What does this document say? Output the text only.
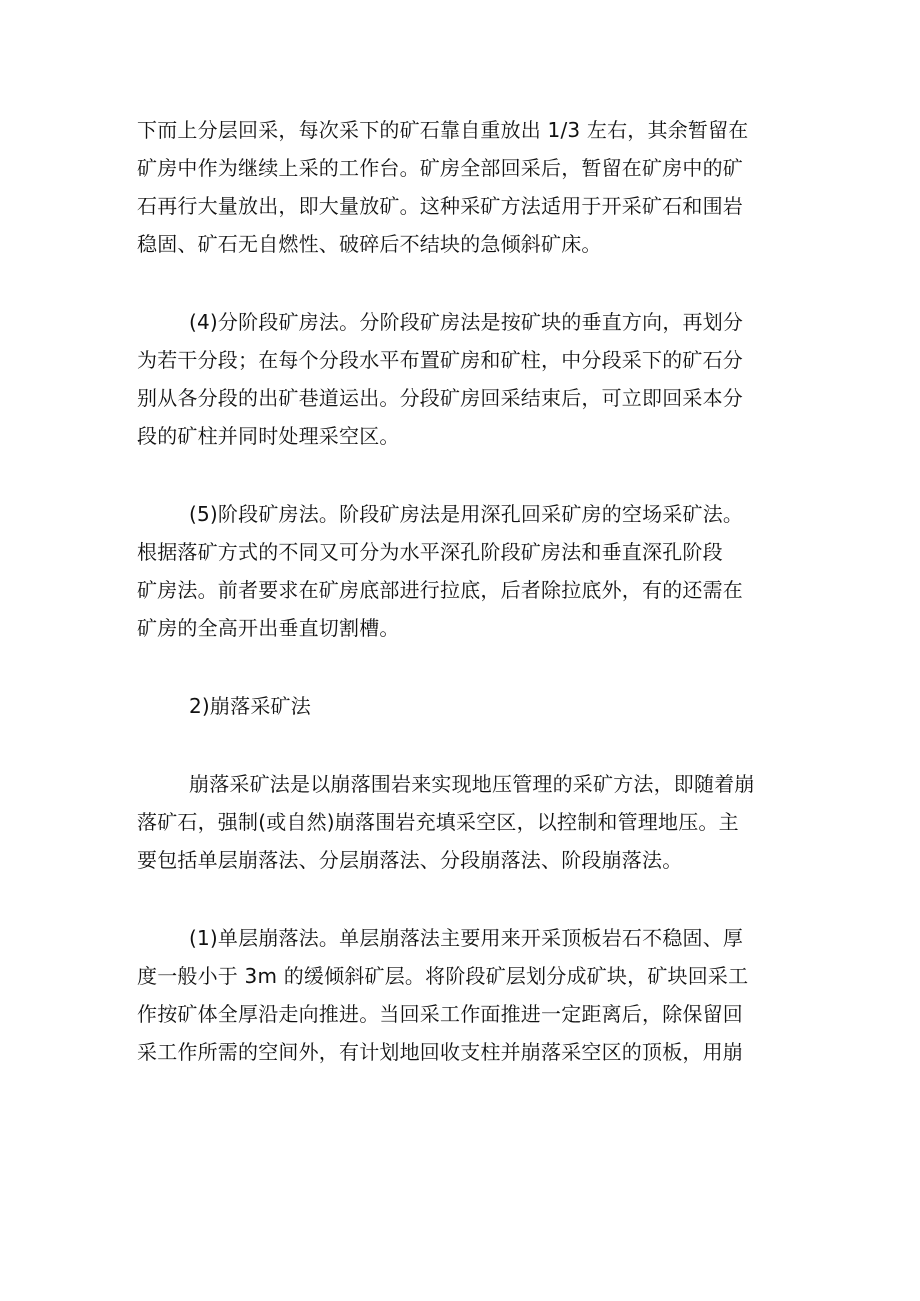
下而上分层回采，每次采下的矿石靠自重放出 1/3 左右，其余暂留在
矿房中作为继续上采的工作台。矿房全部回采后，暂留在矿房中的矿
石再行大量放出，即大量放矿。这种采矿方法适用于开采矿石和围岩
稳固、矿石无自燃性、破碎后不结块的急倾斜矿床。
(4)分阶段矿房法。分阶段矿房法是按矿块的垂直方向，再划分
为若干分段；在每个分段水平布置矿房和矿柱，中分段采下的矿石分
别从各分段的出矿巷道运出。分段矿房回采结束后，可立即回采本分
段的矿柱并同时处理采空区。
(5)阶段矿房法。阶段矿房法是用深孔回采矿房的空场采矿法。
根据落矿方式的不同又可分为水平深孔阶段矿房法和垂直深孔阶段
矿房法。前者要求在矿房底部进行拉底，后者除拉底外，有的还需在
矿房的全高开出垂直切割槽。
2)崩落采矿法
崩落采矿法是以崩落围岩来实现地压管理的采矿方法，即随着崩
落矿石，强制(或自然)崩落围岩充填采空区，以控制和管理地压。主
要包括单层崩落法、分层崩落法、分段崩落法、阶段崩落法。
(1)单层崩落法。单层崩落法主要用来开采顶板岩石不稳固、厚
度一般小于 3m 的缓倾斜矿层。将阶段矿层划分成矿块，矿块回采工
作按矿体全厚沿走向推进。当回采工作面推进一定距离后，除保留回
采工作所需的空间外，有计划地回收支柱并崩落采空区的顶板，用崩
